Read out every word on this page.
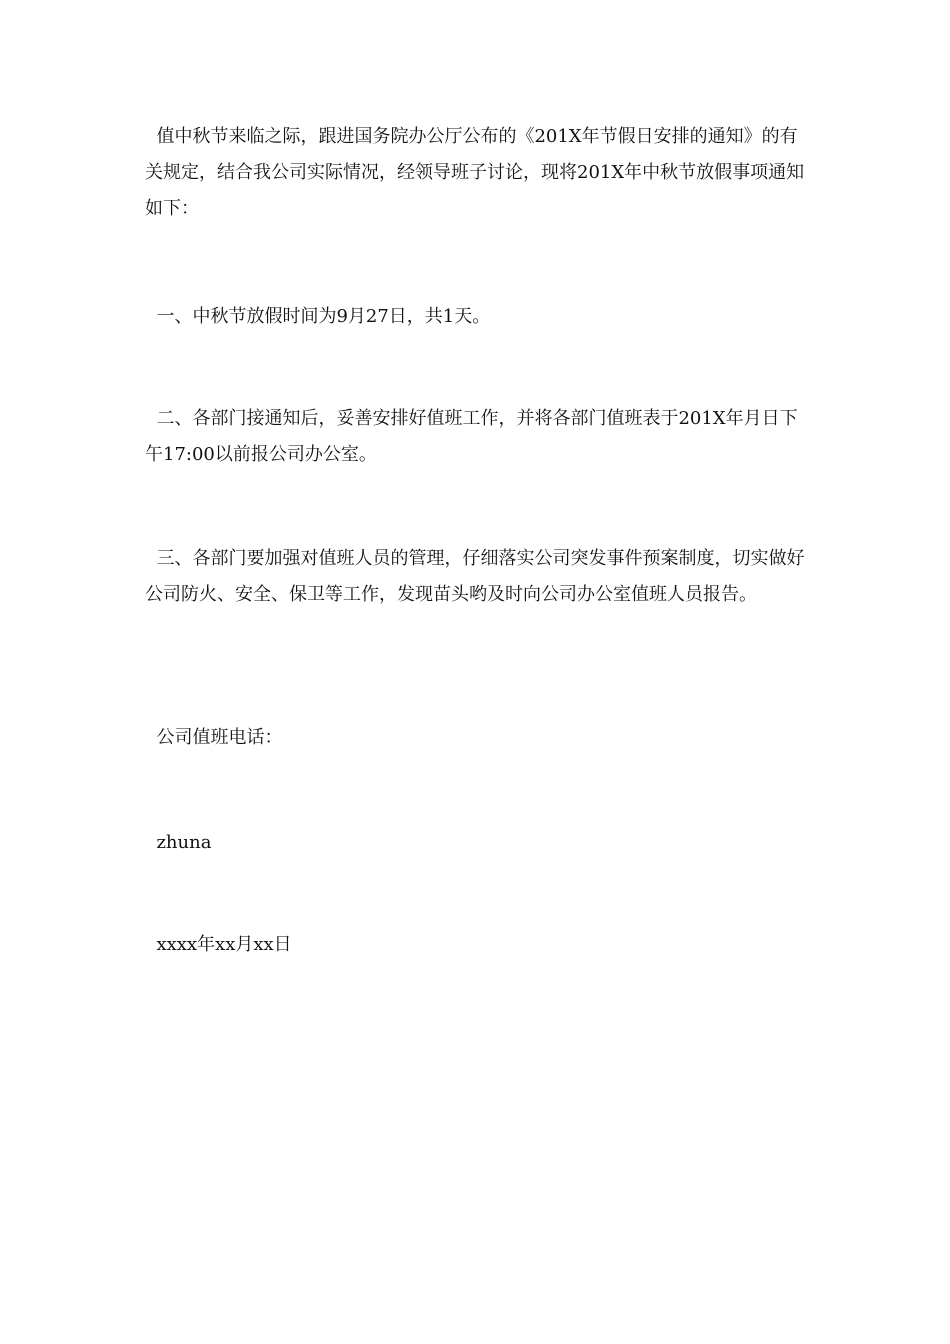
值中秋节来临之际，跟进国务院办公厅公布的《201X年节假日安排的通知》的有关规定，结合我公司实际情况，经领导班子讨论，现将201X年中秋节放假事项通知如下：

一、中秋节放假时间为9月27日，共1天。

二、各部门接通知后，妥善安排好值班工作，并将各部门值班表于201X年月日下午17:00以前报公司办公室。

三、各部门要加强对值班人员的管理，仔细落实公司突发事件预案制度，切实做好公司防火、安全、保卫等工作，发现苗头哟及时向公司办公室值班人员报告。

公司值班电话：

zhuna

xxxx年xx月xx日
